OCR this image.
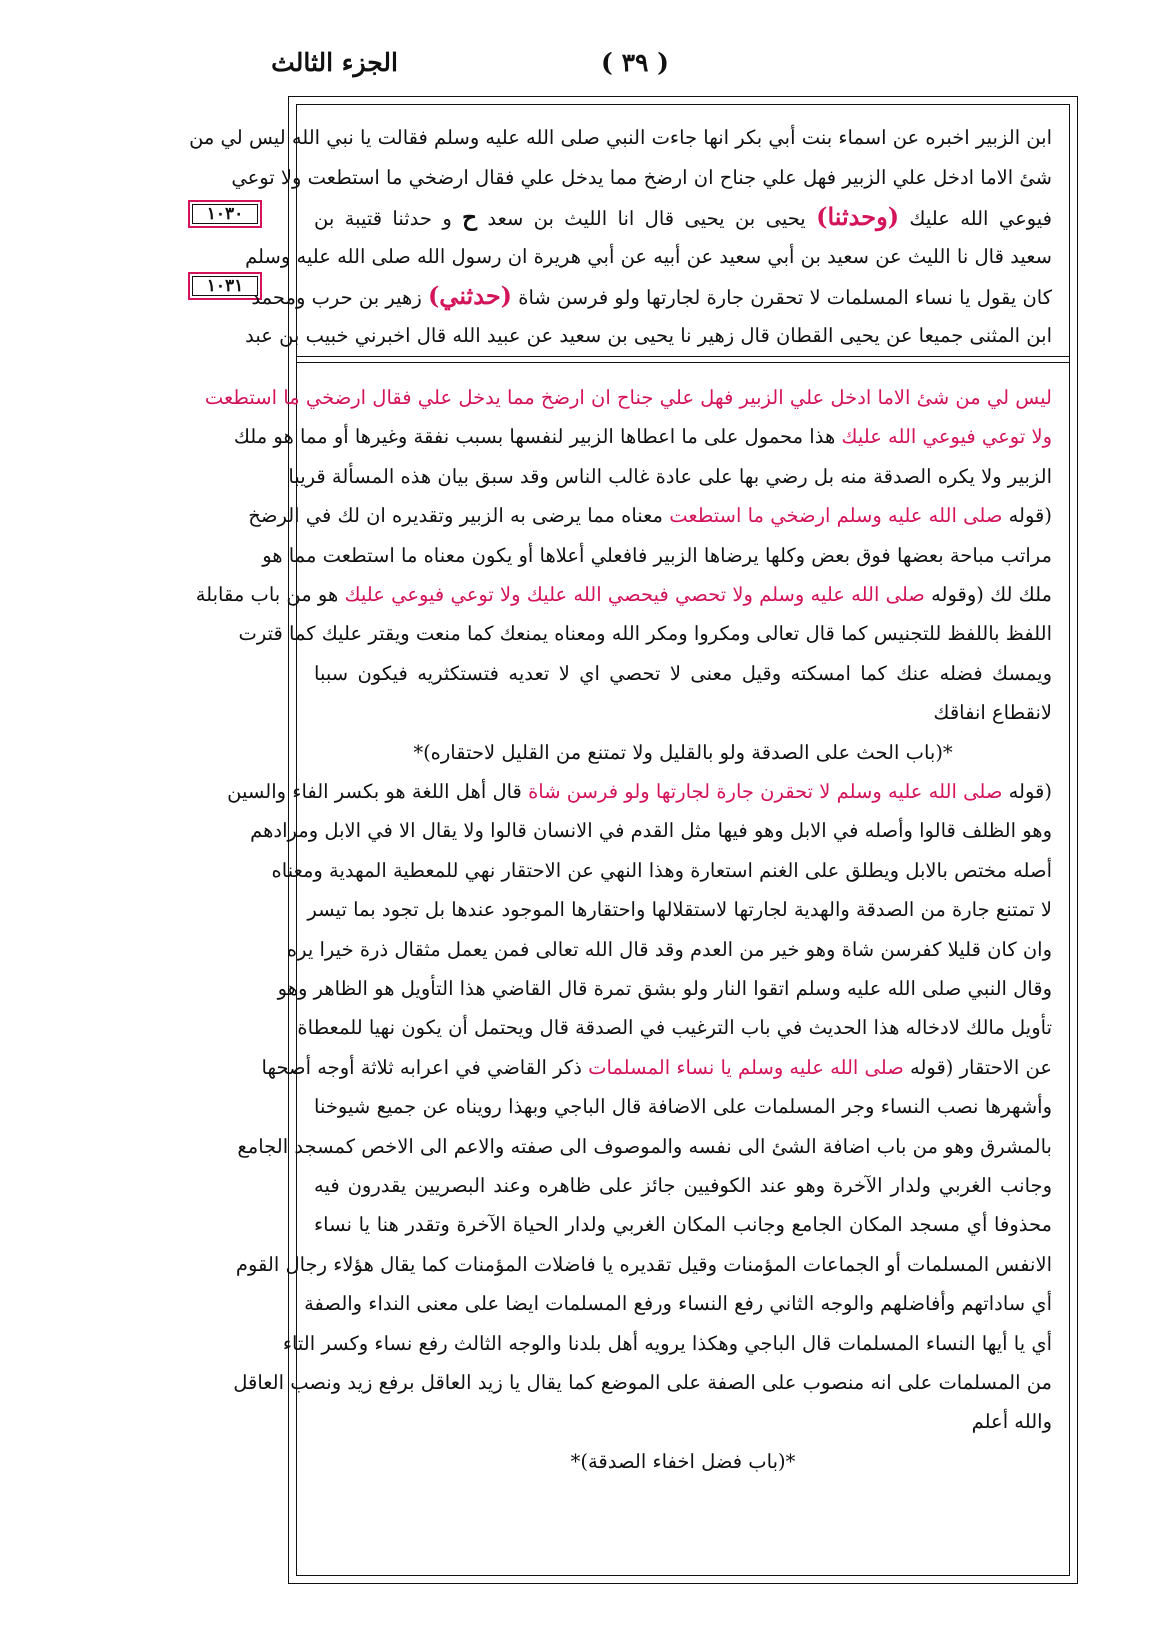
الجزء الثالث	( ٣٩ )
١٠٣٠
١٠٣١
ابن الزبير اخبره عن اسماء بنت أبي بكر انها جاءت النبي صلى الله عليه وسلم فقالت يا نبي الله ليس لي من
شئ الاما ادخل علي الزبير فهل علي جناح ان ارضخ مما يدخل علي فقال ارضخي ما استطعت ولا توعي
فيوعي الله عليك (وحدثنا) يحيى بن يحيى قال انا الليث بن سعد ح و حدثنا قتيبة بن
سعيد قال نا الليث عن سعيد بن أبي سعيد عن أبيه عن أبي هريرة ان رسول الله صلى الله عليه وسلم
كان يقول يا نساء المسلمات لا تحقرن جارة لجارتها ولو فرسن شاة (حدثني) زهير بن حرب ومحمد
ابن المثنى جميعا عن يحيى القطان قال زهير نا يحيى بن سعيد عن عبيد الله قال اخبرني خبيب بن عبد
ليس لي من شئ الاما ادخل علي الزبير فهل علي جناح ان ارضخ مما يدخل علي فقال ارضخي ما استطعت
ولا توعي فيوعي الله عليك هذا محمول على ما اعطاها الزبير لنفسها بسبب نفقة وغيرها أو مما هو ملك
الزبير ولا يكره الصدقة منه بل رضي بها على عادة غالب الناس وقد سبق بيان هذه المسألة قريبا
(قوله صلى الله عليه وسلم ارضخي ما استطعت معناه مما يرضى به الزبير وتقديره ان لك في الرضخ
مراتب مباحة بعضها فوق بعض وكلها يرضاها الزبير فافعلي أعلاها أو يكون معناه ما استطعت مما هو
ملك لك (وقوله صلى الله عليه وسلم ولا تحصي فيحصي الله عليك ولا توعي فيوعي عليك هو من باب مقابلة
اللفظ باللفظ للتجنيس كما قال تعالى ومكروا ومكر الله ومعناه يمنعك كما منعت ويقتر عليك كما قترت
ويمسك فضله عنك كما امسكته وقيل معنى لا تحصي اي لا تعديه فتستكثريه فيكون سببا
لانقطاع انفاقك
*(باب الحث على الصدقة ولو بالقليل ولا تمتنع من القليل لاحتقاره)*
(قوله صلى الله عليه وسلم لا تحقرن جارة لجارتها ولو فرسن شاة قال أهل اللغة هو بكسر الفاء والسين
وهو الظلف قالوا وأصله في الابل وهو فيها مثل القدم في الانسان قالوا ولا يقال الا في الابل ومرادهم
أصله مختص بالابل ويطلق على الغنم استعارة وهذا النهي عن الاحتقار نهي للمعطية المهدية ومعناه
لا تمتنع جارة من الصدقة والهدية لجارتها لاستقلالها واحتقارها الموجود عندها بل تجود بما تيسر
وان كان قليلا كفرسن شاة وهو خير من العدم وقد قال الله تعالى فمن يعمل مثقال ذرة خيرا يره
وقال النبي صلى الله عليه وسلم اتقوا النار ولو بشق تمرة قال القاضي هذا التأويل هو الظاهر وهو
تأويل مالك لادخاله هذا الحديث في باب الترغيب في الصدقة قال ويحتمل أن يكون نهيا للمعطاة
عن الاحتقار (قوله صلى الله عليه وسلم يا نساء المسلمات ذكر القاضي في اعرابه ثلاثة أوجه أصحها
وأشهرها نصب النساء وجر المسلمات على الاضافة قال الباجي وبهذا رويناه عن جميع شيوخنا
بالمشرق وهو من باب اضافة الشئ الى نفسه والموصوف الى صفته والاعم الى الاخص كمسجد الجامع
وجانب الغربي ولدار الآخرة وهو عند الكوفيين جائز على ظاهره وعند البصريين يقدرون فيه
محذوفا أي مسجد المكان الجامع وجانب المكان الغربي ولدار الحياة الآخرة وتقدر هنا يا نساء
الانفس المسلمات أو الجماعات المؤمنات وقيل تقديره يا فاضلات المؤمنات كما يقال هؤلاء رجال القوم
أي ساداتهم وأفاضلهم والوجه الثاني رفع النساء ورفع المسلمات ايضا على معنى النداء والصفة
أي يا أيها النساء المسلمات قال الباجي وهكذا يرويه أهل بلدنا والوجه الثالث رفع نساء وكسر التاء
من المسلمات على انه منصوب على الصفة على الموضع كما يقال يا زيد العاقل برفع زيد ونصب العاقل
والله أعلم
*(باب فضل اخفاء الصدقة)*
